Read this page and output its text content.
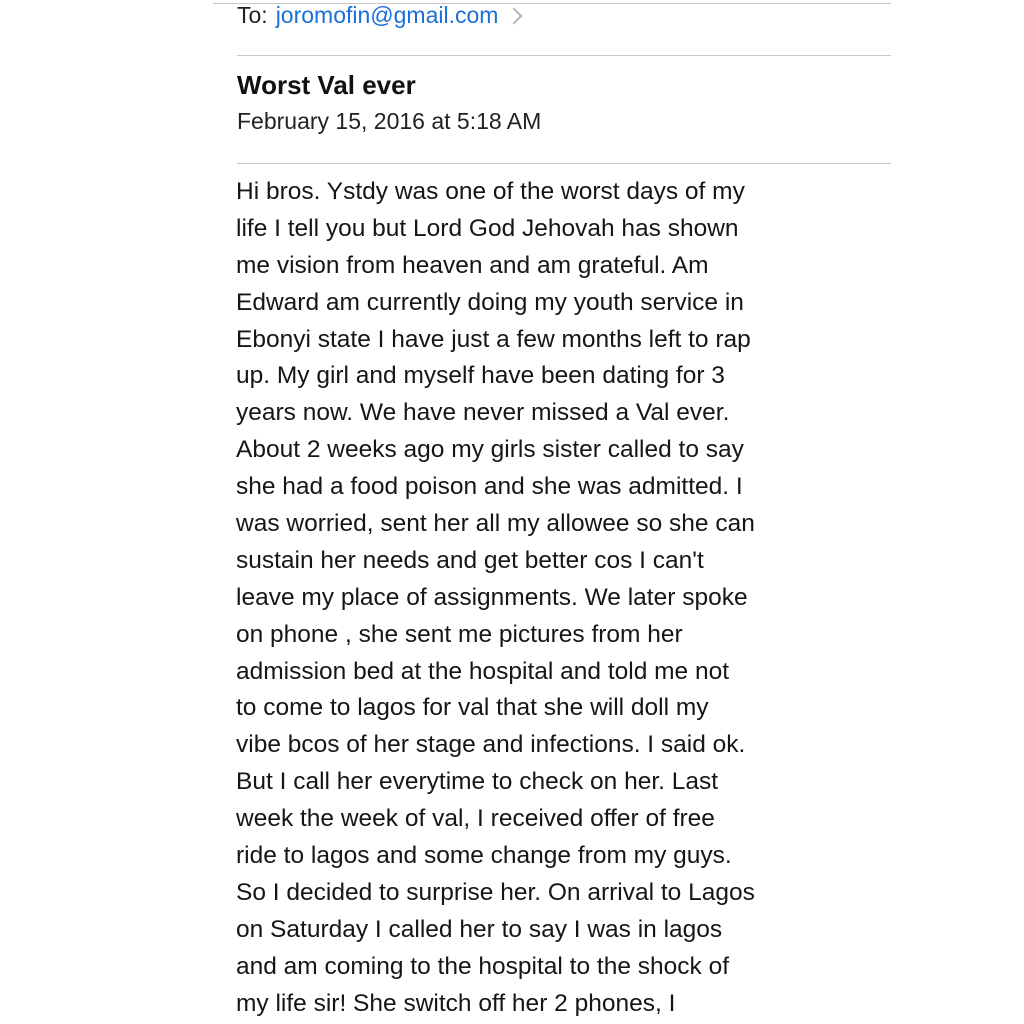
To: joromofin@gmail.com
Worst Val ever
February 15, 2016 at 5:18 AM
Hi bros. Ystdy was one of the worst days of my
life I tell you but Lord God Jehovah has shown
me vision from heaven and am grateful. Am
Edward am currently doing my youth service in
Ebonyi state I have just a few months left to rap
up. My girl and myself have been dating for 3
years now. We have never missed a Val ever.
About 2 weeks ago my girls sister called to say
she had a food poison and she was admitted. I
was worried, sent her all my allowee so she can
sustain her needs and get better cos I can't
leave my place of assignments. We later spoke
on phone , she sent me pictures from her
admission bed at the hospital and told me not
to come to lagos for val that she will doll my
vibe bcos of her stage and infections. I said ok.
But I call her everytime to check on her. Last
week the week of val, I received offer of free
ride to lagos and some change from my guys.
So I decided to surprise her. On arrival to Lagos
on Saturday I called her to say I was in lagos
and am coming to the hospital to the shock of
my life sir! She switch off her 2 phones, I
